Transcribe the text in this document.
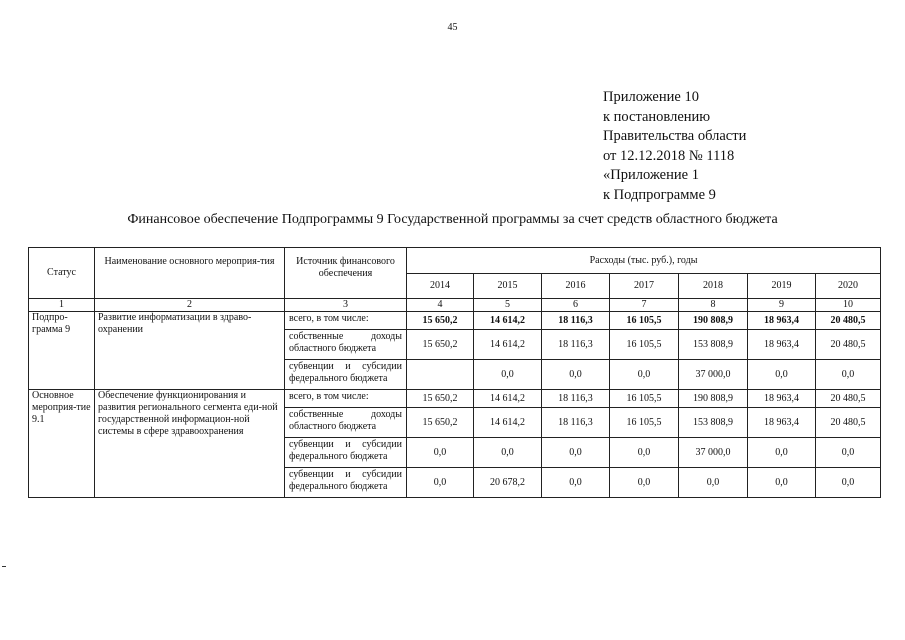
45
Приложение 10
к постановлению
Правительства области
от 12.12.2018 № 1118
«Приложение 1
к Подпрограмме 9
Финансовое обеспечение Подпрограммы 9 Государственной программы за счет средств областного бюджета
Статус	Наименование основного мероприя-тия	Источник финансового обеспечения	Расходы (тыс. руб.), годы						
			2014	2015	2016	2017	2018	2019	2020
1	2	3	4	5	6	7	8	9	10
Подпро-грамма 9	Развитие информатизации в здраво-охранении	всего, в том числе:	15 650,2	14 614,2	18 116,3	16 105,5	190 808,9	18 963,4	20 480,5
		собственные доходы областного бюджета	15 650,2	14 614,2	18 116,3	16 105,5	153 808,9	18 963,4	20 480,5
		субвенции и субсидии федерального бюджета		0,0	0,0	0,0	37 000,0	0,0	0,0
Основное мероприя-тие 9.1	Обеспечение функционирования и развития регионального сегмента еди-ной государственной информацион-ной системы в сфере здравоохранения	всего, в том числе:	15 650,2	14 614,2	18 116,3	16 105,5	190 808,9	18 963,4	20 480,5
		собственные доходы областного бюджета	15 650,2	14 614,2	18 116,3	16 105,5	153 808,9	18 963,4	20 480,5
		субвенции и субсидии федерального бюджета	0,0	0,0	0,0	0,0	37 000,0	0,0	0,0
		субвенции и субсидии федерального бюджета	0,0	20 678,2	0,0	0,0	0,0	0,0	0,0
